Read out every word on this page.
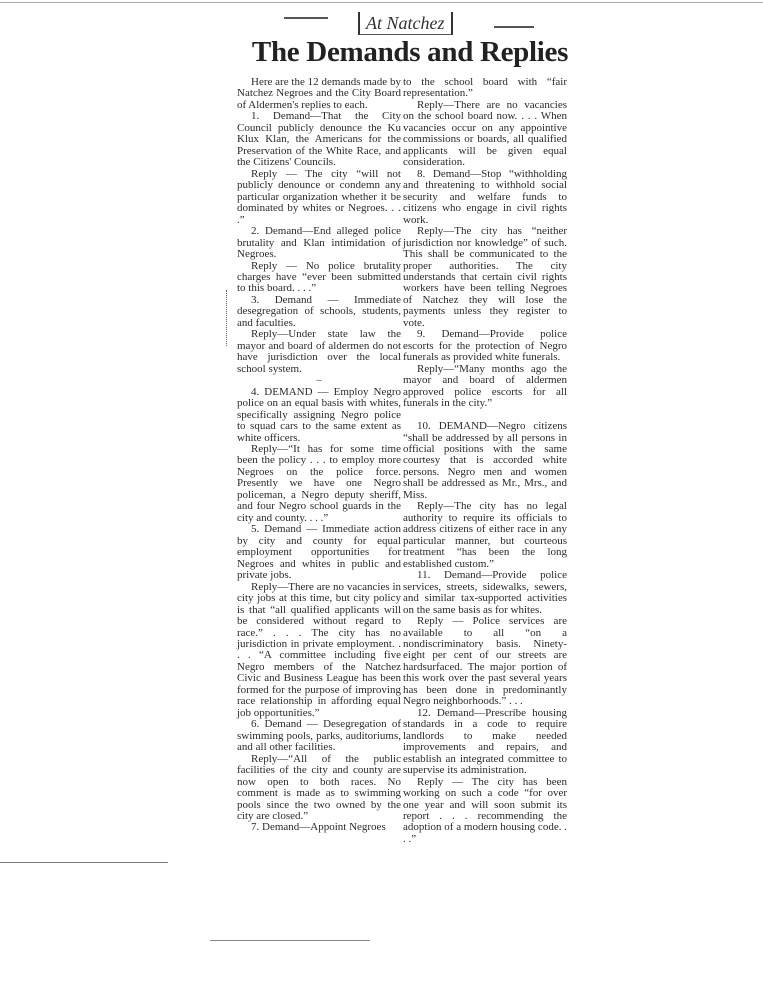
At Natchez
The Demands and Replies

Here are the 12 demands made by Natchez Negroes and the City Board of Aldermen's replies to each.

1. Demand—That the City Council publicly denounce the Ku Klux Klan, the Americans for the Preservation of the White Race, and the Citizens' Councils.

Reply — The city “will not publicly denounce or condemn any particular organization whether it be dominated by whites or Negroes. . . .”

2. Demand—End alleged police brutality and Klan intimidation of Negroes.

Reply — No police brutality charges have “ever been submitted to this board. . . .”

3. Demand — Immediate desegregation of schools, students, and faculties.

Reply—Under state law the mayor and board of aldermen do not have jurisdiction over the local school system.

∼

4. DEMAND — Employ Negro police on an equal basis with whites, specifically assigning Negro police to squad cars to the same extent as white officers.

Reply—“It has for some time been the policy . . . to employ more Negroes on the police force. Presently we have one Negro policeman, a Negro deputy sheriff, and four Negro school guards in the city and county. . . .”

5. Demand — Immediate action by city and county for equal employment opportunities for Negroes and whites in public and private jobs.

Reply—There are no vacancies in city jobs at this time, but city policy is that “all qualified applicants will be considered without regard to race.” . . . The city has no jurisdiction in private employment. . . . “A committee including five Negro members of the Natchez Civic and Business League has been formed for the purpose of improving race relationship in affording equal job opportunities.”

6. Demand — Desegregation of swimming pools, parks, auditoriums, and all other facilities.

Reply—“All of the public facilities of the city and county are now open to both races. No comment is made as to swimming pools since the two owned by the city are closed.”

7. Demand—Appoint Negroes

to the school board with “fair representation.”

Reply—There are no vacancies on the school board now. . . . When vacancies occur on any appointive commissions or boards, all qualified applicants will be given equal consideration.

8. Demand—Stop “withholding and threatening to withhold social security and welfare funds to citizens who engage in civil rights work.

Reply—The city has “neither jurisdiction nor knowledge” of such. This shall be communicated to the proper authorities. The city understands that certain civil rights workers have been telling Negroes of Natchez they will lose the payments unless they register to vote.

9. Demand—Provide police escorts for the protection of Negro funerals as provided white funerals.

Reply—“Many months ago the mayor and board of aldermen approved police escorts for all funerals in the city.”

10. DEMAND—Negro citizens “shall be addressed by all persons in official positions with the same courtesy that is accorded white persons. Negro men and women shall be addressed as Mr., Mrs., and Miss.

Reply—The city has no legal authority to require its officials to address citizens of either race in any particular manner, but courteous treatment “has been the long established custom.”

11. Demand—Provide police services, streets, sidewalks, sewers, and similar tax-supported activities on the same basis as for whites.

Reply — Police services are available to all “on a nondiscriminatory basis. Ninety-eight per cent of our streets are hardsurfaced. The major portion of this work over the past several years has been done in predominantly Negro neighborhoods.” . . .

12. Demand—Prescribe housing standards in a code to require landlords to make needed improvements and repairs, and establish an integrated committee to supervise its administration.

Reply — The city has been working on such a code “for over one year and will soon submit its report . . . recommending the adoption of a modern housing code. . . .”
